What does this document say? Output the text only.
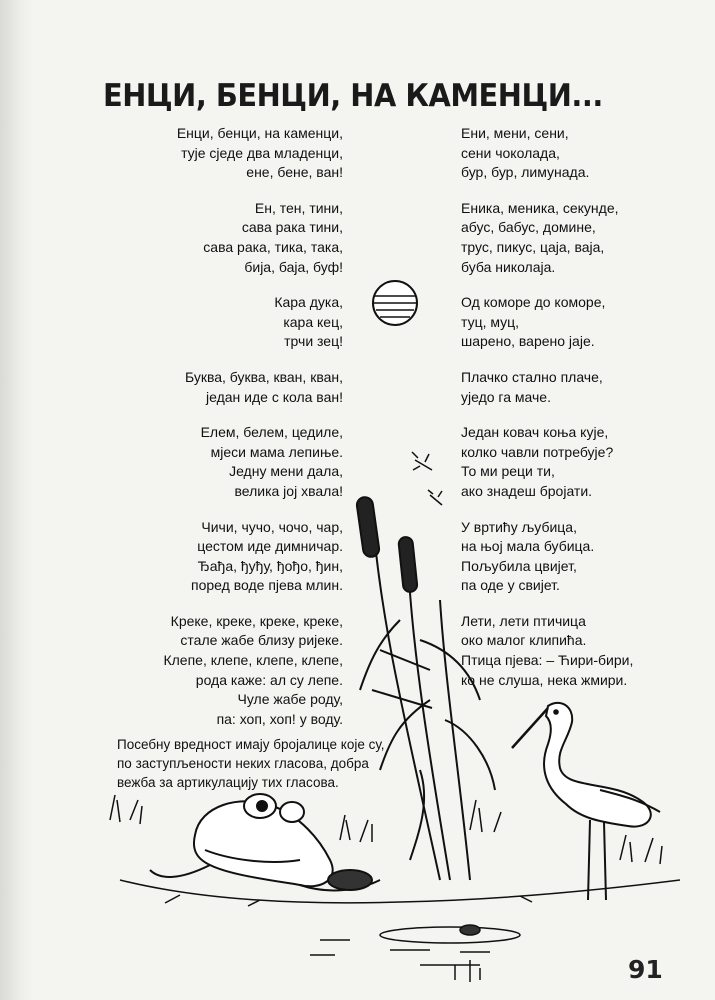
ЕНЦИ, БЕНЦИ, НА КАМЕНЦИ...
Енци, бенци, на каменци,
тује сједе два младенци,
ене, бене, ван!
Ен, тен, тини,
сава рака тини,
сава рака, тика, така,
бија, баја, буф!
Кара дука,
кара кец,
трчи зец!
Буква, буква, кван, кван,
један иде с кола ван!
Елем, белем, цедиле,
мјеси мама лепиње.
Једну мени дала,
велика јој хвала!
Чичи, чучо, чочо, чар,
цестом иде димничар.
Ђађа, ђуђу, ђођо, ђин,
поред воде пјева млин.
Креке, креке, креке, креке,
стале жабе близу ријеке.
Клепе, клепе, клепе, клепе,
рода каже: ал су лепе.
Чуле жабе роду,
па: хоп, хоп! у воду.
Ени, мени, сени,
сени чоколада,
бур, бур, лимунада.
Еника, меника, секунде,
абус, бабус, домине,
трус, пикус, цаја, ваја,
буба николаја.
Од коморе до коморе,
туц, муц,
шарено, варено јаје.
Плачко стално плаче,
уједо га маче.
Један ковач коња кује,
колко чавли потребује?
То ми реци ти,
ако знадеш бројати.
У вртићу љубица,
на њој мала бубица.
Пољубила цвијет,
па оде у свијет.
Лети, лети птичица
око малог клипића.
Птица пјева: – Ћири-бири,
ко не слуша, нека жмири.

Посебну вредност имају бројалице које су, по заступљености неких гласова, добра вежба за артикулацију тих гласова.

91
